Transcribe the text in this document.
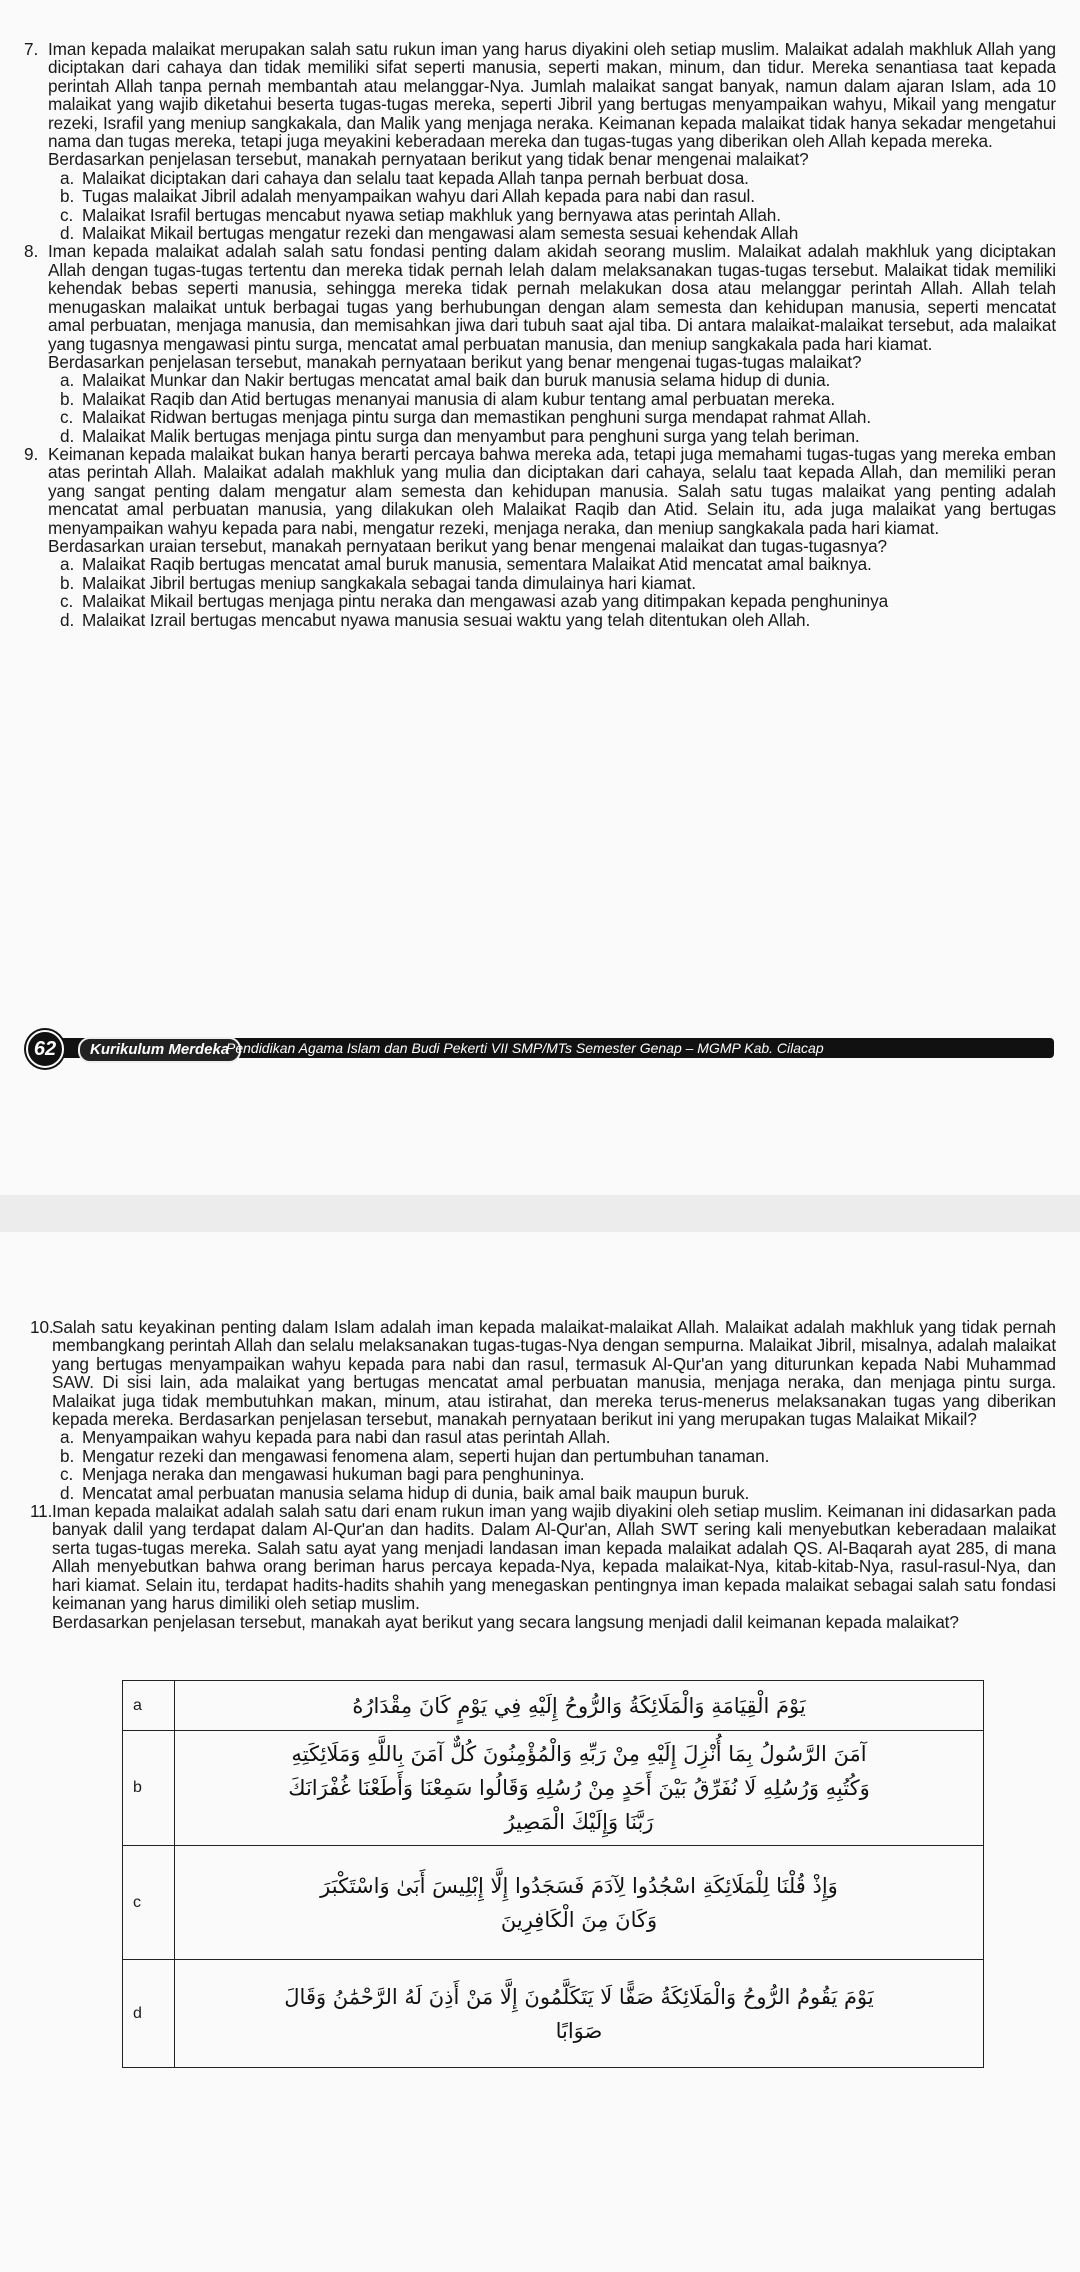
7. Iman kepada malaikat merupakan salah satu rukun iman yang harus diyakini oleh setiap muslim. Malaikat adalah makhluk Allah yang diciptakan dari cahaya dan tidak memiliki sifat seperti manusia, seperti makan, minum, dan tidur. Mereka senantiasa taat kepada perintah Allah tanpa pernah membantah atau melanggar-Nya. Jumlah malaikat sangat banyak, namun dalam ajaran Islam, ada 10 malaikat yang wajib diketahui beserta tugas-tugas mereka, seperti Jibril yang bertugas menyampaikan wahyu, Mikail yang mengatur rezeki, Israfil yang meniup sangkakala, dan Malik yang menjaga neraka. Keimanan kepada malaikat tidak hanya sekadar mengetahui nama dan tugas mereka, tetapi juga meyakini keberadaan mereka dan tugas-tugas yang diberikan oleh Allah kepada mereka.
Berdasarkan penjelasan tersebut, manakah pernyataan berikut yang tidak benar mengenai malaikat?
a. Malaikat diciptakan dari cahaya dan selalu taat kepada Allah tanpa pernah berbuat dosa.
b. Tugas malaikat Jibril adalah menyampaikan wahyu dari Allah kepada para nabi dan rasul.
c. Malaikat Israfil bertugas mencabut nyawa setiap makhluk yang bernyawa atas perintah Allah.
d. Malaikat Mikail bertugas mengatur rezeki dan mengawasi alam semesta sesuai kehendak Allah
8. Iman kepada malaikat adalah salah satu fondasi penting dalam akidah seorang muslim. Malaikat adalah makhluk yang diciptakan Allah dengan tugas-tugas tertentu dan mereka tidak pernah lelah dalam melaksanakan tugas-tugas tersebut. Malaikat tidak memiliki kehendak bebas seperti manusia, sehingga mereka tidak pernah melakukan dosa atau melanggar perintah Allah. Allah telah menugaskan malaikat untuk berbagai tugas yang berhubungan dengan alam semesta dan kehidupan manusia, seperti mencatat amal perbuatan, menjaga manusia, dan memisahkan jiwa dari tubuh saat ajal tiba. Di antara malaikat-malaikat tersebut, ada malaikat yang tugasnya mengawasi pintu surga, mencatat amal perbuatan manusia, dan meniup sangkakala pada hari kiamat.
Berdasarkan penjelasan tersebut, manakah pernyataan berikut yang benar mengenai tugas-tugas malaikat?
a. Malaikat Munkar dan Nakir bertugas mencatat amal baik dan buruk manusia selama hidup di dunia.
b. Malaikat Raqib dan Atid bertugas menanyai manusia di alam kubur tentang amal perbuatan mereka.
c. Malaikat Ridwan bertugas menjaga pintu surga dan memastikan penghuni surga mendapat rahmat Allah.
d. Malaikat Malik bertugas menjaga pintu surga dan menyambut para penghuni surga yang telah beriman.
9. Keimanan kepada malaikat bukan hanya berarti percaya bahwa mereka ada, tetapi juga memahami tugas-tugas yang mereka emban atas perintah Allah. Malaikat adalah makhluk yang mulia dan diciptakan dari cahaya, selalu taat kepada Allah, dan memiliki peran yang sangat penting dalam mengatur alam semesta dan kehidupan manusia. Salah satu tugas malaikat yang penting adalah mencatat amal perbuatan manusia, yang dilakukan oleh Malaikat Raqib dan Atid. Selain itu, ada juga malaikat yang bertugas menyampaikan wahyu kepada para nabi, mengatur rezeki, menjaga neraka, dan meniup sangkakala pada hari kiamat.
Berdasarkan uraian tersebut, manakah pernyataan berikut yang benar mengenai malaikat dan tugas-tugasnya?
a. Malaikat Raqib bertugas mencatat amal buruk manusia, sementara Malaikat Atid mencatat amal baiknya.
b. Malaikat Jibril bertugas meniup sangkakala sebagai tanda dimulainya hari kiamat.
c. Malaikat Mikail bertugas menjaga pintu neraka dan mengawasi azab yang ditimpakan kepada penghuninya
d. Malaikat Izrail bertugas mencabut nyawa manusia sesuai waktu yang telah ditentukan oleh Allah.
62	Kurikulum Merdeka
Pendidikan Agama Islam dan Budi Pekerti VII SMP/MTs Semester Genap – MGMP Kab. Cilacap
10.
Salah satu keyakinan penting dalam Islam adalah iman kepada malaikat-malaikat Allah. Malaikat adalah makhluk yang tidak pernah membangkang perintah Allah dan selalu melaksanakan tugas-tugas-Nya dengan sempurna. Malaikat Jibril, misalnya, adalah malaikat yang bertugas menyampaikan wahyu kepada para nabi dan rasul, termasuk Al-Qur'an yang diturunkan kepada Nabi Muhammad SAW. Di sisi lain, ada malaikat yang bertugas mencatat amal perbuatan manusia, menjaga neraka, dan menjaga pintu surga. Malaikat juga tidak membutuhkan makan, minum, atau istirahat, dan mereka terus-menerus melaksanakan tugas yang diberikan kepada mereka. Berdasarkan penjelasan tersebut, manakah pernyataan berikut ini yang merupakan tugas Malaikat Mikail?
a. Menyampaikan wahyu kepada para nabi dan rasul atas perintah Allah.
b. Mengatur rezeki dan mengawasi fenomena alam, seperti hujan dan pertumbuhan tanaman.
c. Menjaga neraka dan mengawasi hukuman bagi para penghuninya.
d. Mencatat amal perbuatan manusia selama hidup di dunia, baik amal baik maupun buruk.
11. Iman kepada malaikat adalah salah satu dari enam rukun iman yang wajib diyakini oleh setiap muslim. Keimanan ini didasarkan pada banyak dalil yang terdapat dalam Al-Qur'an dan hadits. Dalam Al-Qur'an, Allah SWT sering kali menyebutkan keberadaan malaikat serta tugas-tugas mereka. Salah satu ayat yang menjadi landasan iman kepada malaikat adalah QS. Al-Baqarah ayat 285, di mana Allah menyebutkan bahwa orang beriman harus percaya kepada-Nya, kepada malaikat-Nya, kitab-kitab-Nya, rasul-rasul-Nya, dan hari kiamat. Selain itu, terdapat hadits-hadits shahih yang menegaskan pentingnya iman kepada malaikat sebagai salah satu fondasi keimanan yang harus dimiliki oleh setiap muslim.
Berdasarkan penjelasan tersebut, manakah ayat berikut yang secara langsung menjadi dalil keimanan kepada malaikat?
a	يَوْمَ الْقِيَامَةِ وَالْمَلَائِكَةُ وَالرُّوحُ إِلَيْهِ فِي يَوْمٍ كَانَ مِقْدَارُهُ

b	آمَنَ الرَّسُولُ بِمَا أُنْزِلَ إِلَيْهِ مِنْ رَبِّهِ وَالْمُؤْمِنُونَ كُلٌّ آمَنَ بِاللَّهِ وَمَلَائِكَتِهِ
وَكُتُبِهِ وَرُسُلِهِ لَا نُفَرِّقُ بَيْنَ أَحَدٍ مِنْ رُسُلِهِ وَقَالُوا سَمِعْنَا وَأَطَعْنَا غُفْرَانَكَ
رَبَّنَا وَإِلَيْكَ الْمَصِيرُ

c	وَإِذْ قُلْنَا لِلْمَلَائِكَةِ اسْجُدُوا لِآدَمَ فَسَجَدُوا إِلَّا إِبْلِيسَ أَبَىٰ وَاسْتَكْبَرَ
وَكَانَ مِنَ الْكَافِرِينَ

d	يَوْمَ يَقُومُ الرُّوحُ وَالْمَلَائِكَةُ صَفًّا لَا يَتَكَلَّمُونَ إِلَّا مَنْ أَذِنَ لَهُ الرَّحْمَٰنُ وَقَالَ
صَوَابًا
